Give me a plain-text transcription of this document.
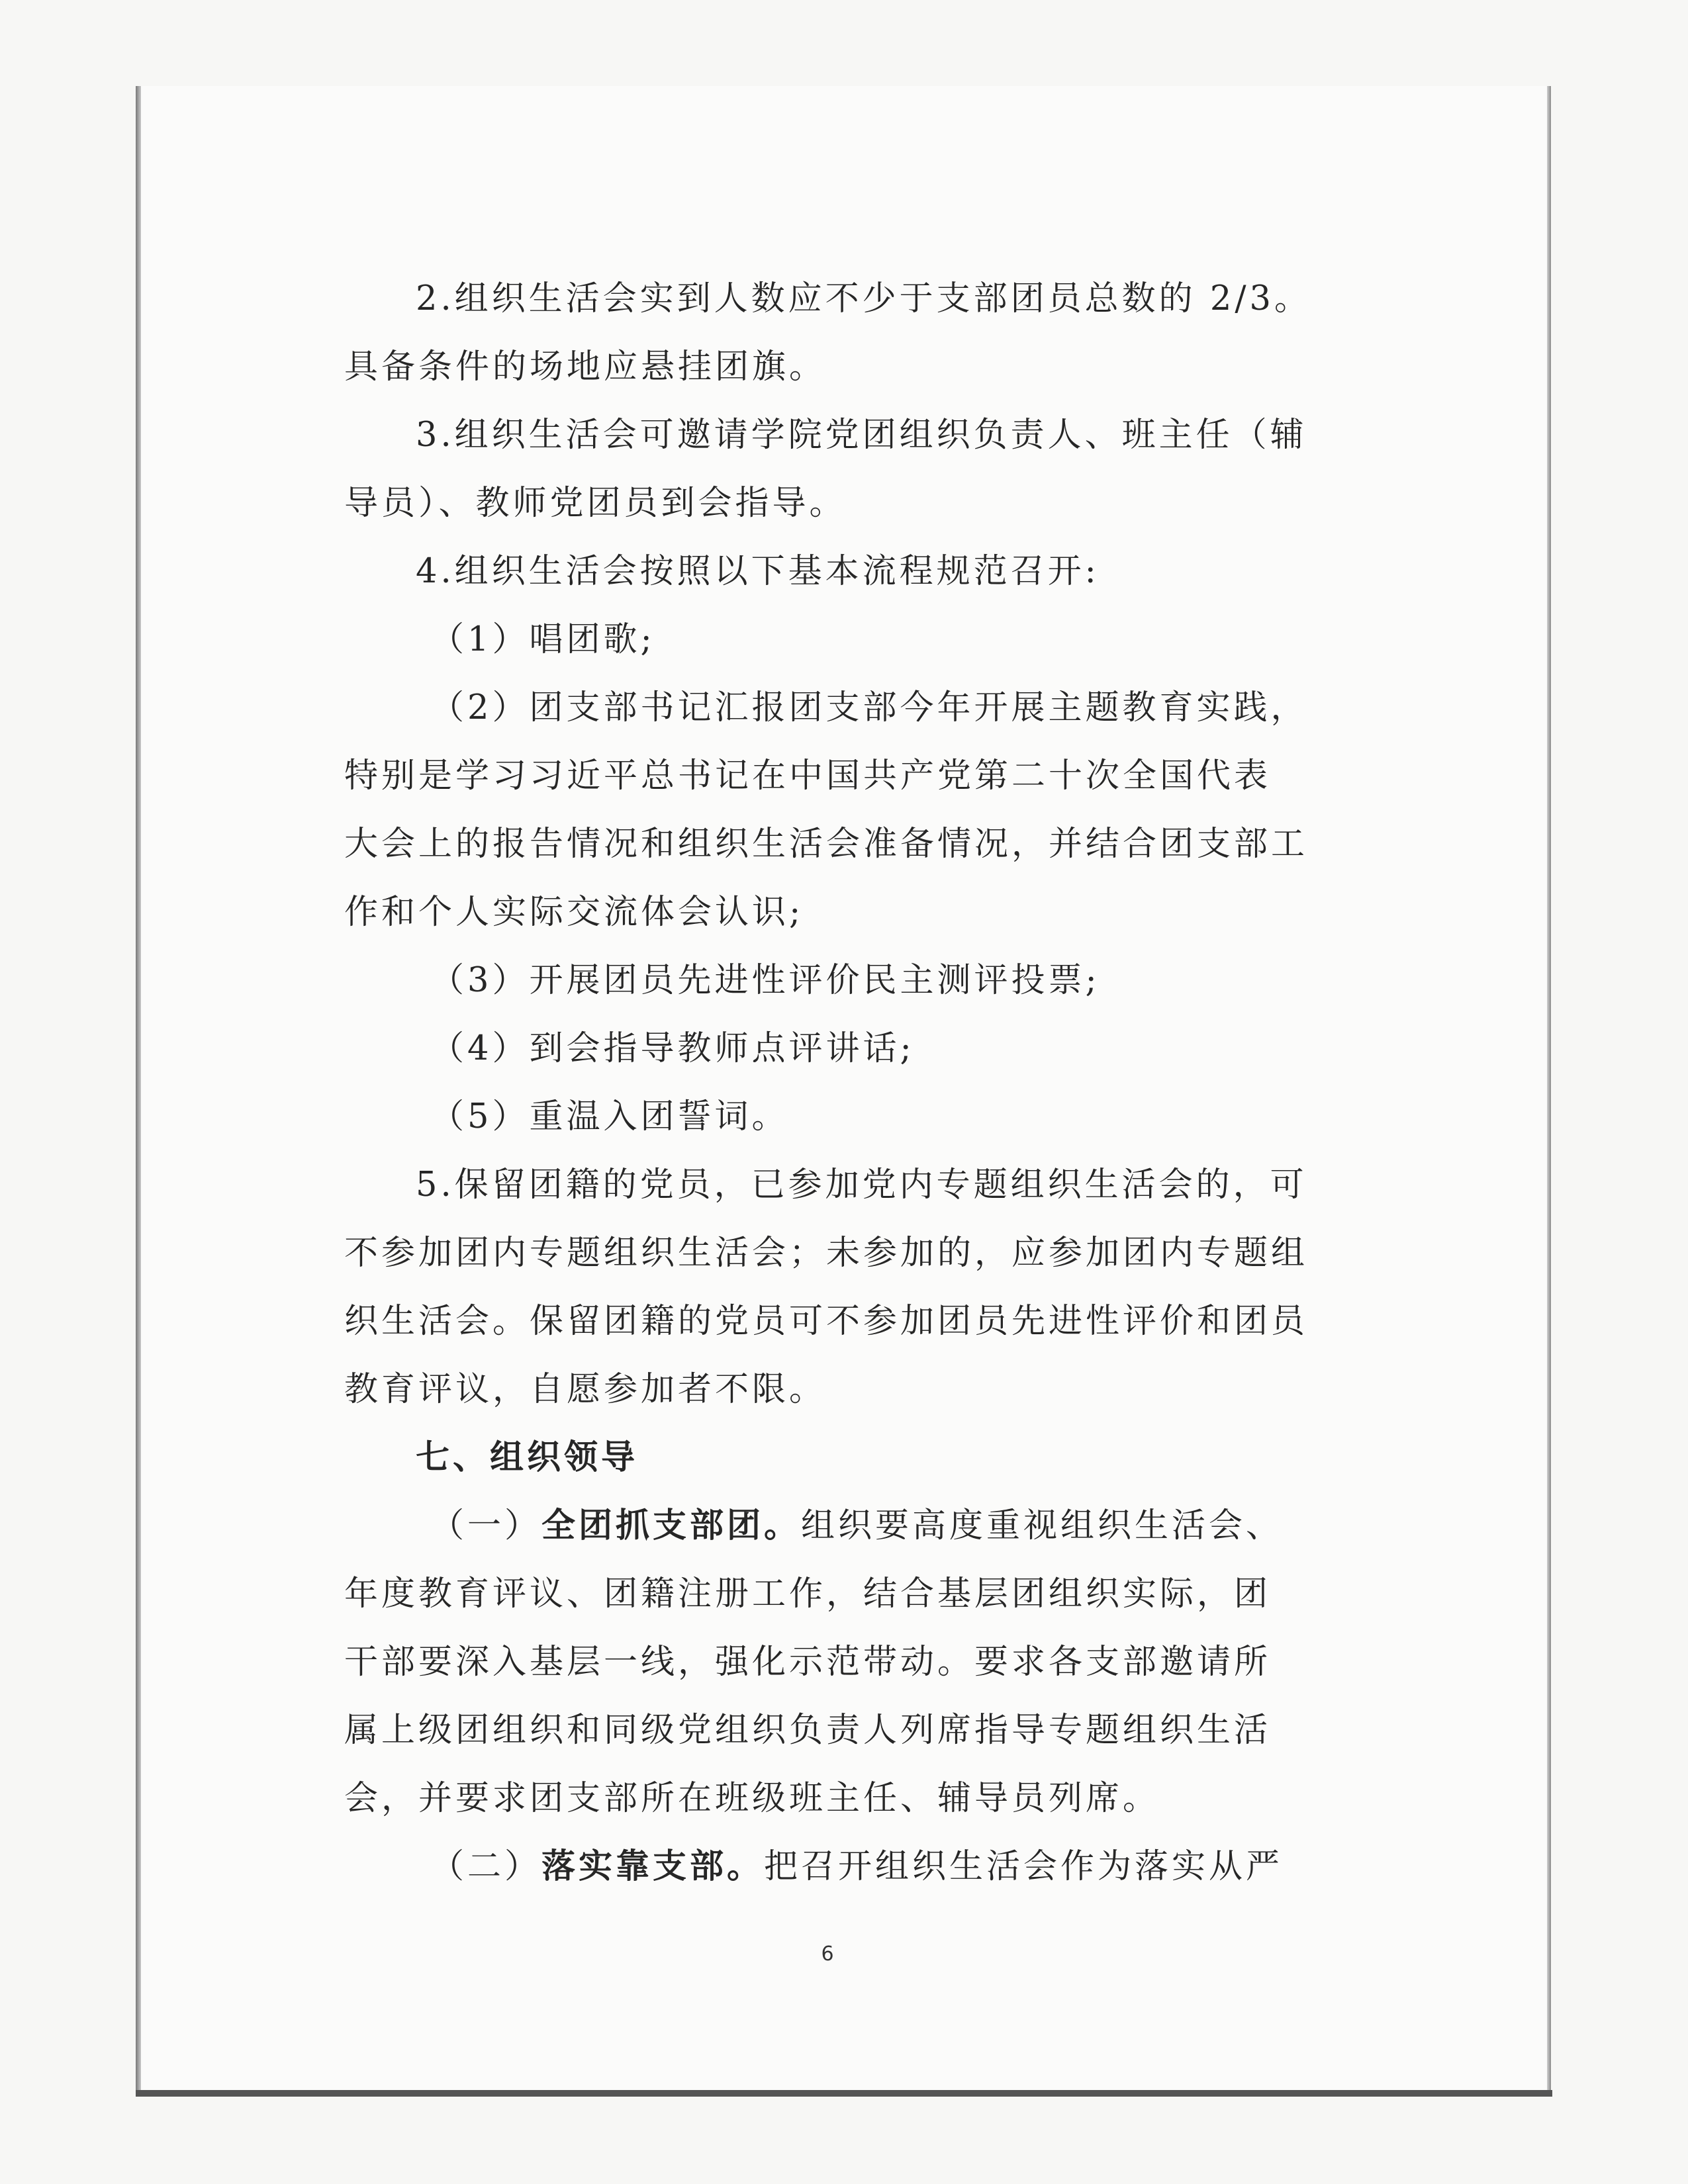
2.组织生活会实到人数应不少于支部团员总数的 2/3。
具备条件的场地应悬挂团旗。
3.组织生活会可邀请学院党团组织负责人、班主任（辅
导员）、教师党团员到会指导。
4.组织生活会按照以下基本流程规范召开:
（1）唱团歌;
（2）团支部书记汇报团支部今年开展主题教育实践，
特别是学习习近平总书记在中国共产党第二十次全国代表
大会上的报告情况和组织生活会准备情况，并结合团支部工
作和个人实际交流体会认识;
（3）开展团员先进性评价民主测评投票;
（4）到会指导教师点评讲话;
（5）重温入团誓词。
5.保留团籍的党员，已参加党内专题组织生活会的，可
不参加团内专题组织生活会；未参加的，应参加团内专题组
织生活会。保留团籍的党员可不参加团员先进性评价和团员
教育评议，自愿参加者不限。
七、组织领导
（一）全团抓支部团。组织要高度重视组织生活会、
年度教育评议、团籍注册工作，结合基层团组织实际，团
干部要深入基层一线，强化示范带动。要求各支部邀请所
属上级团组织和同级党组织负责人列席指导专题组织生活
会，并要求团支部所在班级班主任、辅导员列席。
（二）落实靠支部。把召开组织生活会作为落实从严
6
